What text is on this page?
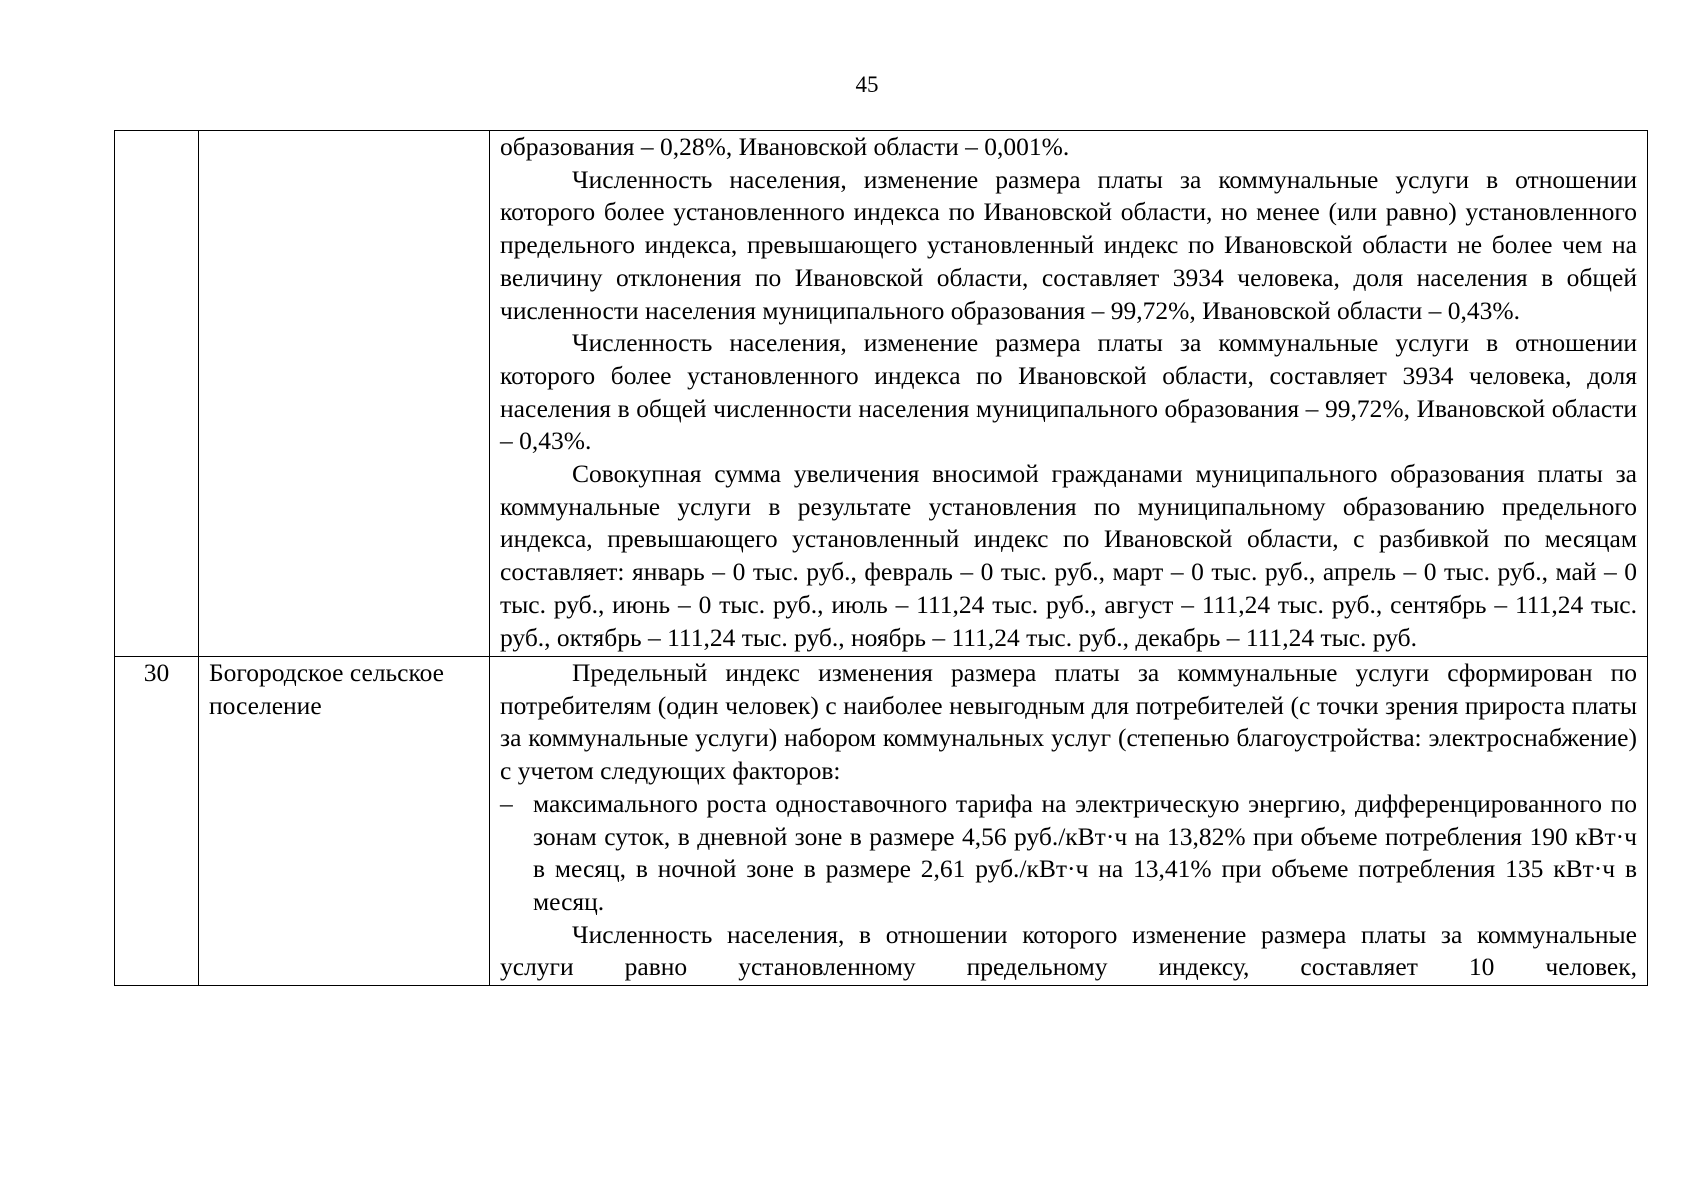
45

		образования – 0,28%, Ивановской области – 0,001%.

Численность населения, изменение размера платы за коммунальные услуги в отношении которого более установленного индекса по Ивановской области, но менее (или равно) установленного предельного индекса, превышающего установленный индекс по Ивановской области не более чем на величину отклонения по Ивановской области, составляет 3934 человека, доля населения в общей численности населения муниципального образования – 99,72%, Ивановской области – 0,43%.

Численность населения, изменение размера платы за коммунальные услуги в отношении которого более установленного индекса по Ивановской области, составляет 3934 человека, доля населения в общей численности населения муниципального образования – 99,72%, Ивановской области – 0,43%.

Совокупная сумма увеличения вносимой гражданами муниципального образования платы за коммунальные услуги в результате установления по муниципальному образованию предельного индекса, превышающего установленный индекс по Ивановской области, с разбивкой по месяцам составляет: январь – 0 тыс. руб., февраль – 0 тыс. руб., март – 0 тыс. руб., апрель – 0 тыс. руб., май – 0 тыс. руб., июнь – 0 тыс. руб., июль – 111,24 тыс. руб., август – 111,24 тыс. руб., сентябрь – 111,24 тыс. руб., октябрь – 111,24 тыс. руб., ноябрь – 111,24 тыс. руб., декабрь – 111,24 тыс. руб.

30	Богородское сельское поселение	Предельный индекс изменения размера платы за коммунальные услуги сформирован по потребителям (один человек) с наиболее невыгодным для потребителей (с точки зрения прироста платы за коммунальные услуги) набором коммунальных услуг (степенью благоустройства: электроснабжение) с учетом следующих факторов:

– максимального роста одноставочного тарифа на электрическую энергию, дифференцированного по зонам суток, в дневной зоне в размере 4,56 руб./кВт·ч на 13,82% при объеме потребления 190 кВт·ч в месяц, в ночной зоне в размере 2,61 руб./кВт·ч на 13,41% при объеме потребления 135 кВт·ч в месяц.

Численность населения, в отношении которого изменение размера платы за коммунальные услуги равно установленному предельному индексу, составляет 10 человек,
